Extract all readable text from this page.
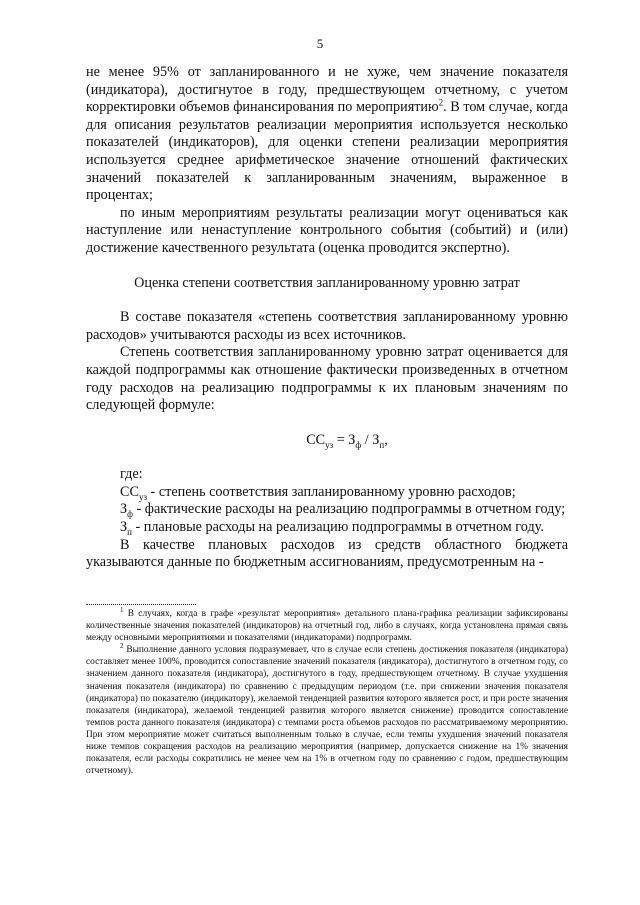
5

не менее 95% от запланированного и не хуже, чем значение показателя (индикатора), достигнутое в году, предшествующем отчетному, с учетом корректировки объемов финансирования по мероприятию$^2$. В том случае, когда для описания результатов реализации мероприятия используется несколько показателей (индикаторов), для оценки степени реализации мероприятия используется среднее арифметическое значение отношений фактических значений показателей к запланированным значениям, выраженное в процентах;

по иным мероприятиям результаты реализации могут оцениваться как наступление или ненаступление контрольного события (событий) и (или) достижение качественного результата (оценка проводится экспертно).

Оценка степени соответствия запланированному уровню затрат

В составе показателя «степень соответствия запланированному уровню расходов» учитываются расходы из всех источников.

Степень соответствия запланированному уровню затрат оценивается для каждой подпрограммы как отношение фактически произведенных в отчетном году расходов на реализацию подпрограммы к их плановым значениям по следующей формуле:

$СС_{уз} = З_ф / З_п$,

где:

$СС_{уз}$ - степень соответствия запланированному уровню расходов;

$З_ф$ - фактические расходы на реализацию подпрограммы в отчетном году;

$З_п$ - плановые расходы на реализацию подпрограммы в отчетном году.

В качестве плановых расходов из средств областного бюджета указываются данные по бюджетным ассигнованиям, предусмотренным на -

$^1$ В случаях, когда в графе «результат мероприятия» детального плана-графика реализации зафиксированы количественные значения показателей (индикаторов) на отчетный год, либо в случаях, когда установлена прямая связь между основными мероприятиями и показателями (индикаторами) подпрограмм.

$^2$ Выполнение данного условия подразумевает, что в случае если степень достижения показателя (индикатора) составляет менее 100%, проводится сопоставление значений показателя (индикатора), достигнутого в отчетном году, со значением данного показателя (индикатора), достигнутого в году, предшествующем отчетному. В случае ухудшения значения показателя (индикатора) по сравнению с предыдущим периодом (т.е. при снижении значения показателя (индикатора) по показателю (индикатору), желаемой тенденцией развития которого является рост, и при росте значения показателя (индикатора), желаемой тенденцией развития которого является снижение) проводится сопоставление темпов роста данного показателя (индикатора) с темпами роста объемов расходов по рассматриваемому мероприятию. При этом мероприятие может считаться выполненным только в случае, если темпы ухудшения значений показателя ниже темпов сокращения расходов на реализацию мероприятия (например, допускается снижение на 1% значения показателя, если расходы сократились не менее чем на 1% в отчетном году по сравнению с годом, предшествующим отчетному).
